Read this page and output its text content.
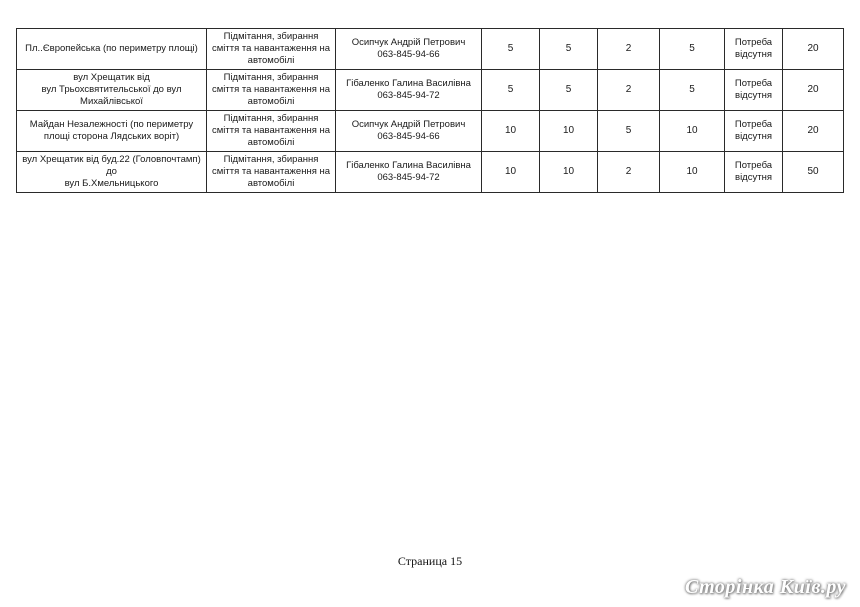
Пл..Європейська (по периметру площі)	Підмітання, збирання
сміття та навантаження на
автомобілі	Осипчук Андрій Петрович
063-845-94-66	5	5	2	5	Потреба
відсутня	20

вул Хрещатик від
вул Трьохсвятительської до вул
Михайлівської	Підмітання, збирання
сміття та навантаження на
автомобілі	Гібаленко Галина Василівна
063-845-94-72	5	5	2	5	Потреба
відсутня	20

Майдан Незалежності (по периметру
площі сторона Лядських воріт)	Підмітання, збирання
сміття та навантаження на
автомобілі	Осипчук Андрій Петрович
063-845-94-66	10	10	5	10	Потреба
відсутня	20

вул Хрещатик від буд.22 (Головпочтамп)
до
вул Б.Хмельницького	Підмітання, збирання
сміття та навантаження на
автомобілі	Гібаленко Галина Василівна
063-845-94-72	10	10	2	10	Потреба
відсутня	50
Страница 15
Сторінка Київ.ру
